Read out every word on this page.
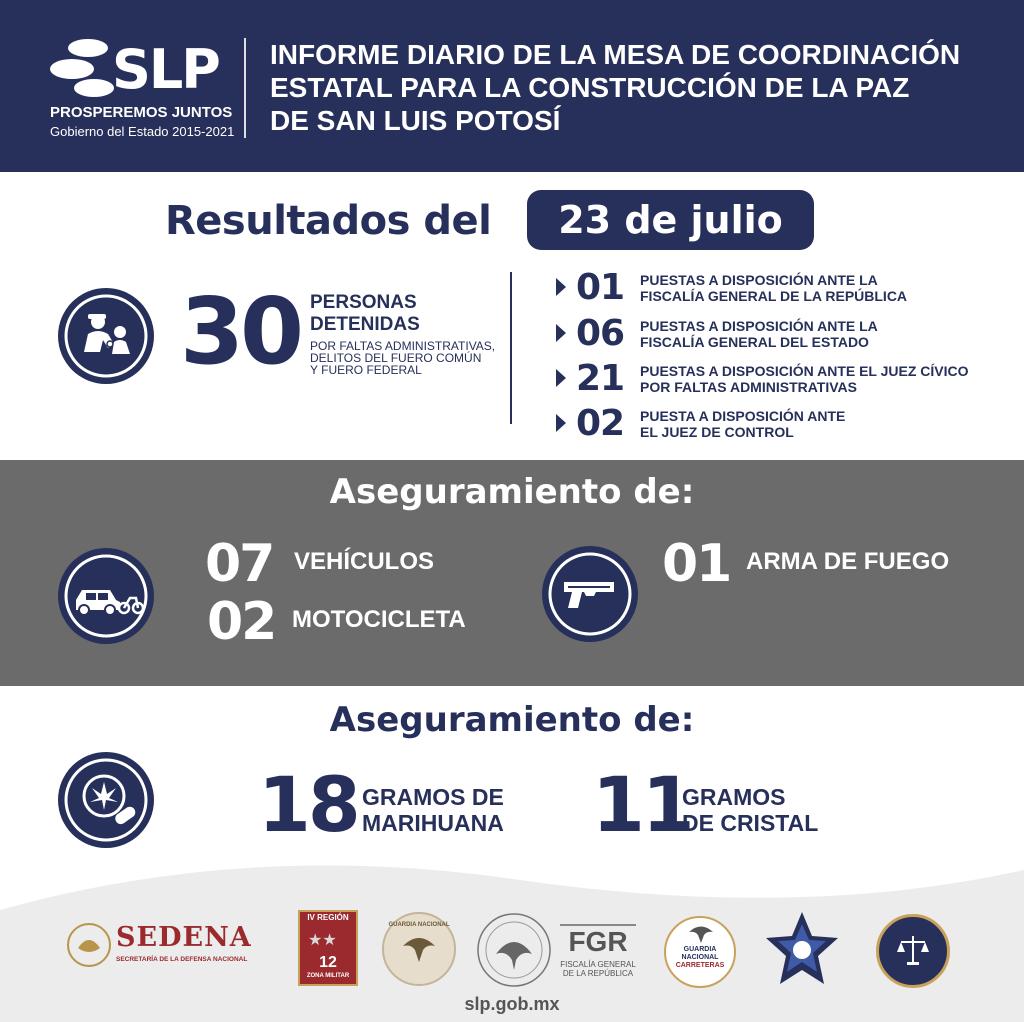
SLP
PROSPEREMOS JUNTOS
Gobierno del Estado 2015-2021
INFORME DIARIO DE LA MESA DE COORDINACIÓN
ESTATAL PARA LA CONSTRUCCIÓN DE LA PAZ
DE SAN LUIS POTOSÍ
Resultados del	23 de julio
30 PERSONAS
DETENIDAS
POR FALTAS ADMINISTRATIVAS,
DELITOS DEL FUERO COMÚN
Y FUERO FEDERAL
01 PUESTAS A DISPOSICIÓN ANTE LA
FISCALÍA GENERAL DE LA REPÚBLICA
06 PUESTAS A DISPOSICIÓN ANTE LA
FISCALÍA GENERAL DEL ESTADO
21 PUESTAS A DISPOSICIÓN ANTE EL JUEZ CÍVICO
POR FALTAS ADMINISTRATIVAS
02 PUESTA A DISPOSICIÓN ANTE
EL JUEZ DE CONTROL
Aseguramiento de:
07 VEHÍCULOS
02 MOTOCICLETA
01 ARMA DE FUEGO
Aseguramiento de:
18 GRAMOS DE
MARIHUANA 11
GRAMOS
DE CRISTAL
SEDENA
SECRETARÍA DE LA DEFENSA NACIONAL
IV REGIÓN
★★
12
ZONA MILITAR
GUARDIA NACIONAL
FGR
FISCALÍA GENERAL
DE LA REPÚBLICA
GUARDIA
NACIONAL
CARRETERAS
slp.gob.mx
